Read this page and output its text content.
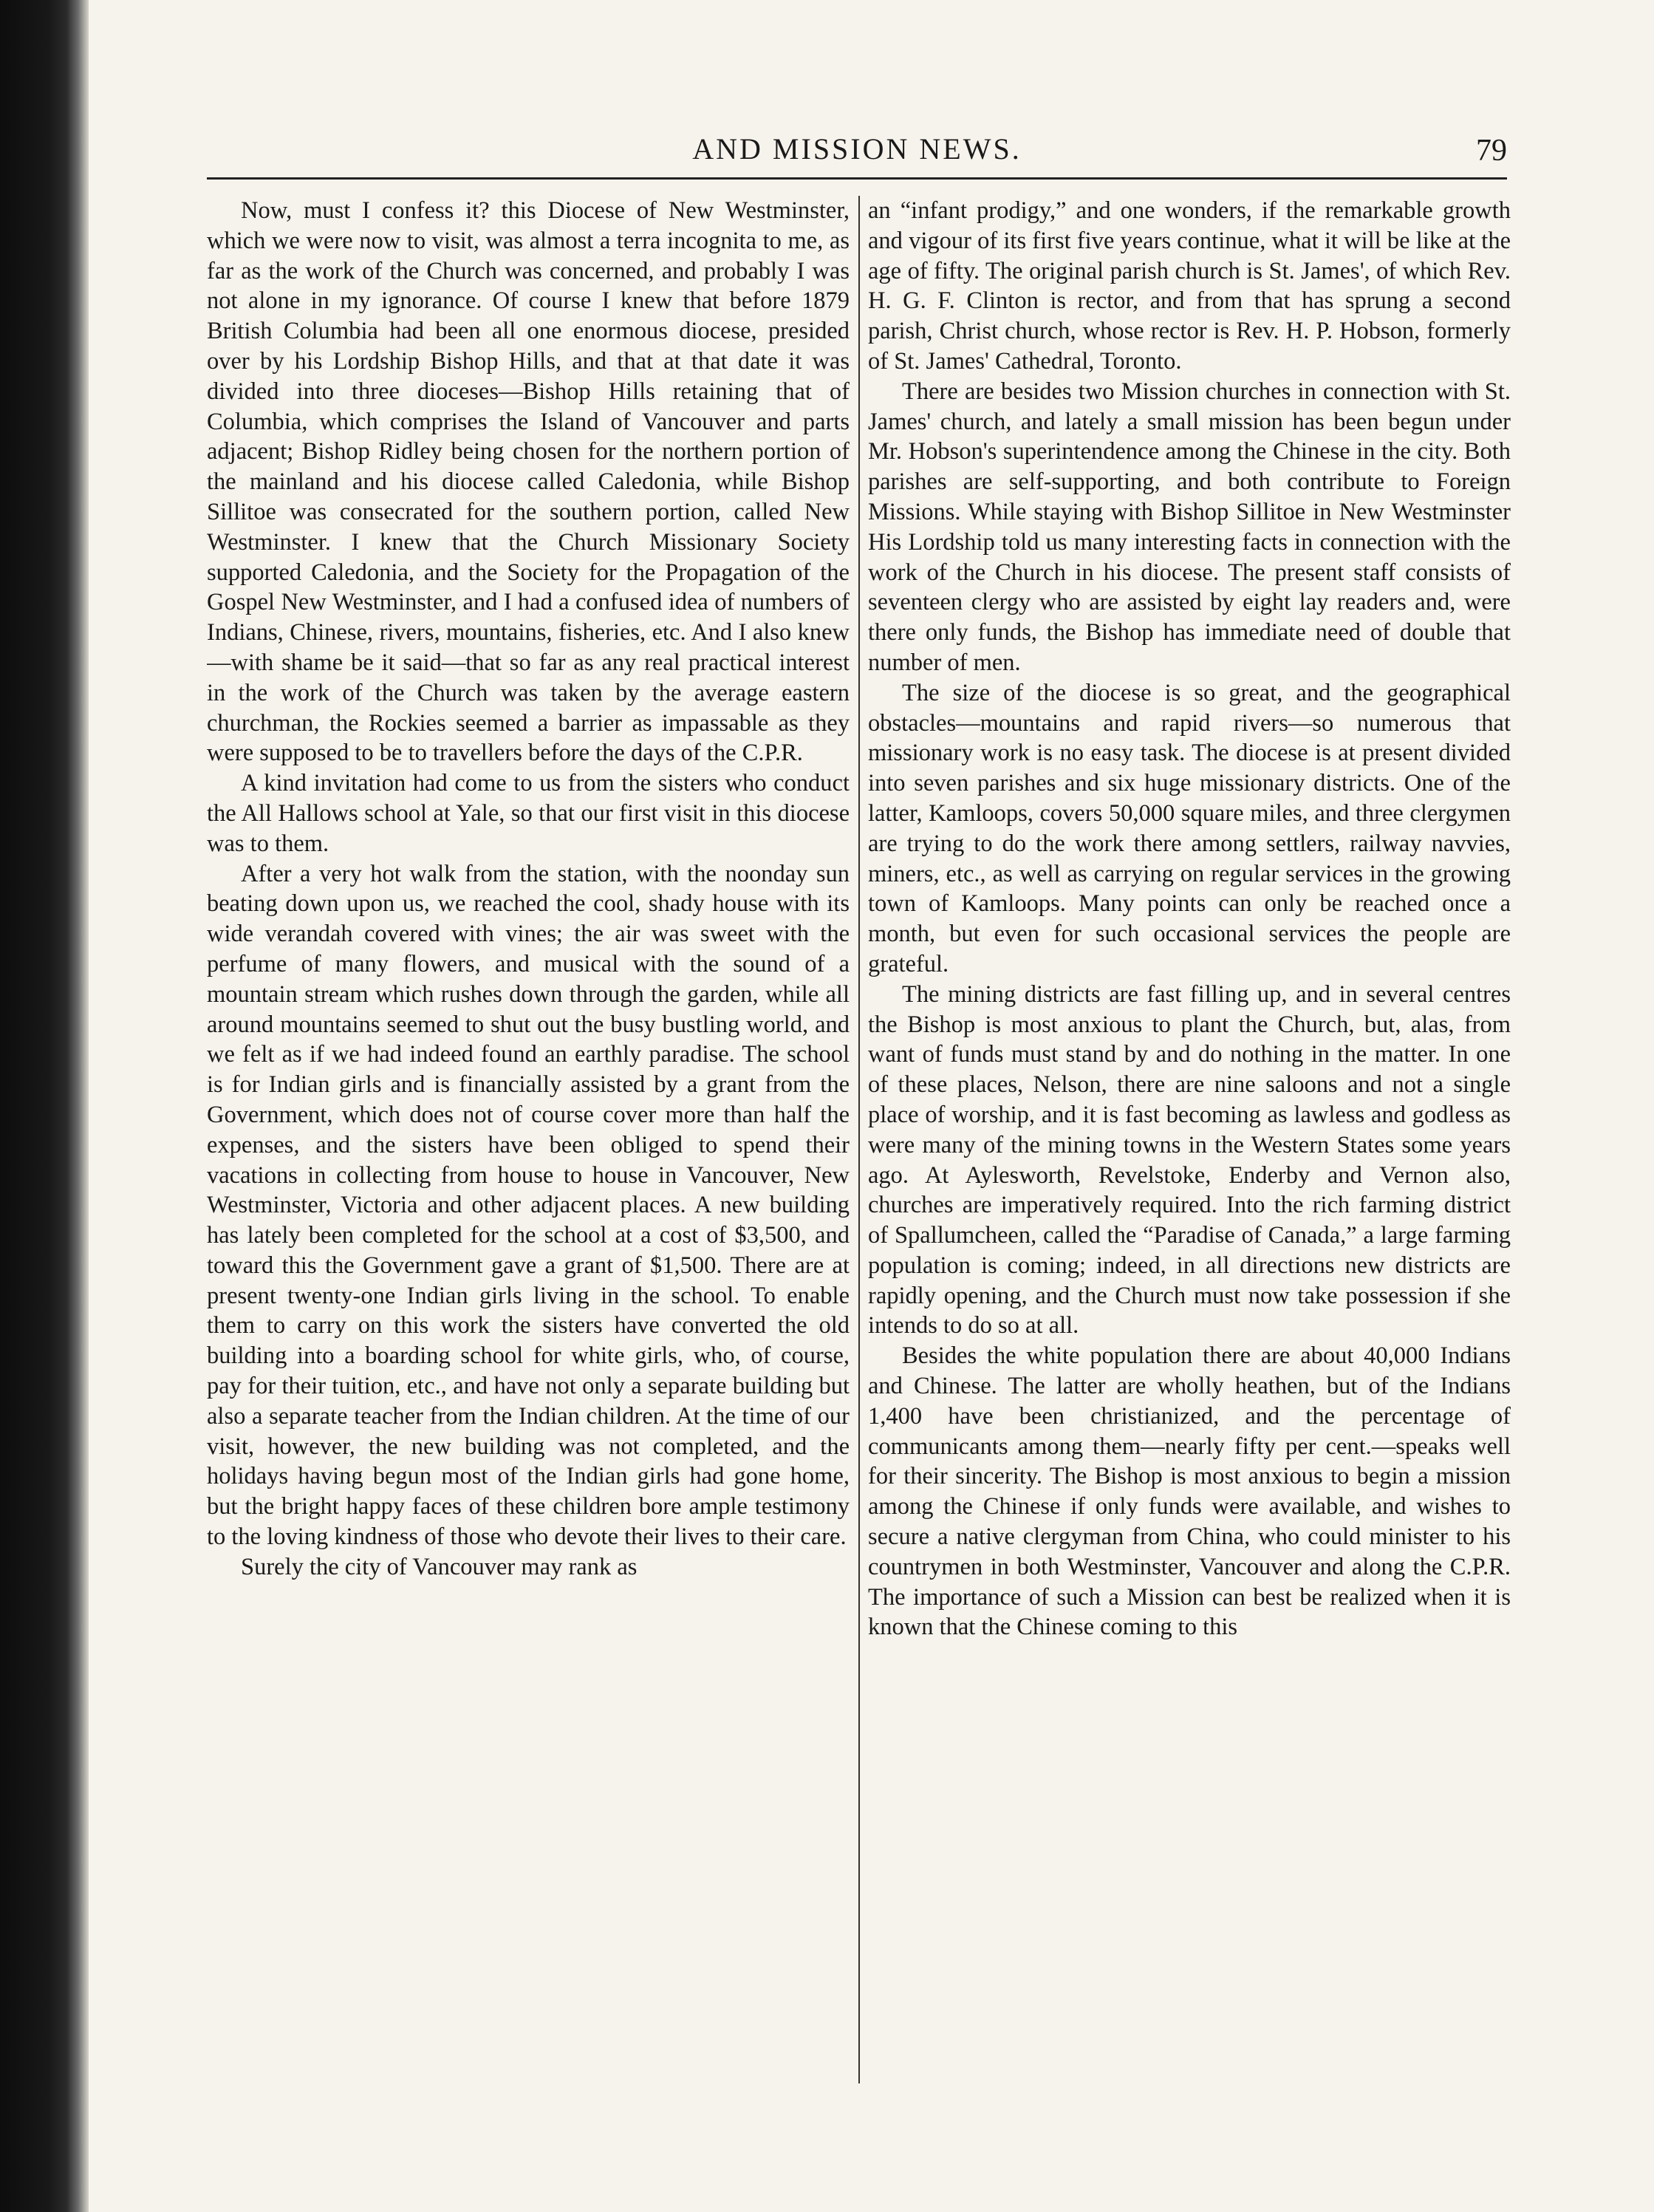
AND MISSION NEWS.	79

Now, must I confess it? this Diocese of New Westminster, which we were now to visit, was almost a terra incognita to me, as far as the work of the Church was concerned, and probably I was not alone in my ignorance. Of course I knew that before 1879 British Columbia had been all one enormous diocese, presided over by his Lordship Bishop Hills, and that at that date it was divided into three dioceses—Bishop Hills retaining that of Columbia, which comprises the Island of Vancouver and parts adjacent; Bishop Ridley being chosen for the northern portion of the mainland and his diocese called Caledonia, while Bishop Sillitoe was consecrated for the southern portion, called New Westminster. I knew that the Church Missionary Society supported Caledonia, and the Society for the Propagation of the Gospel New Westminster, and I had a confused idea of numbers of Indians, Chinese, rivers, mountains, fisheries, etc. And I also knew—with shame be it said—that so far as any real practical interest in the work of the Church was taken by the average eastern churchman, the Rockies seemed a barrier as impassable as they were supposed to be to travellers before the days of the C.P.R.

A kind invitation had come to us from the sisters who conduct the All Hallows school at Yale, so that our first visit in this diocese was to them.

After a very hot walk from the station, with the noonday sun beating down upon us, we reached the cool, shady house with its wide verandah covered with vines; the air was sweet with the perfume of many flowers, and musical with the sound of a mountain stream which rushes down through the garden, while all around mountains seemed to shut out the busy bustling world, and we felt as if we had indeed found an earthly paradise. The school is for Indian girls and is financially assisted by a grant from the Government, which does not of course cover more than half the expenses, and the sisters have been obliged to spend their vacations in collecting from house to house in Vancouver, New Westminster, Victoria and other adjacent places. A new building has lately been completed for the school at a cost of $3,500, and toward this the Government gave a grant of $1,500. There are at present twenty-one Indian girls living in the school. To enable them to carry on this work the sisters have converted the old building into a boarding school for white girls, who, of course, pay for their tuition, etc., and have not only a separate building but also a separate teacher from the Indian children. At the time of our visit, however, the new building was not completed, and the holidays having begun most of the Indian girls had gone home, but the bright happy faces of these children bore ample testimony to the loving kindness of those who devote their lives to their care.

Surely the city of Vancouver may rank as

an “infant prodigy,” and one wonders, if the remarkable growth and vigour of its first five years continue, what it will be like at the age of fifty. The original parish church is St. James', of which Rev. H. G. F. Clinton is rector, and from that has sprung a second parish, Christ church, whose rector is Rev. H. P. Hobson, formerly of St. James' Cathedral, Toronto.

There are besides two Mission churches in connection with St. James' church, and lately a small mission has been begun under Mr. Hobson's superintendence among the Chinese in the city. Both parishes are self-supporting, and both contribute to Foreign Missions. While staying with Bishop Sillitoe in New Westminster His Lordship told us many interesting facts in connection with the work of the Church in his diocese. The present staff consists of seventeen clergy who are assisted by eight lay readers and, were there only funds, the Bishop has immediate need of double that number of men.

The size of the diocese is so great, and the geographical obstacles—mountains and rapid rivers—so numerous that missionary work is no easy task. The diocese is at present divided into seven parishes and six huge missionary districts. One of the latter, Kamloops, covers 50,000 square miles, and three clergymen are trying to do the work there among settlers, railway navvies, miners, etc., as well as carrying on regular services in the growing town of Kamloops. Many points can only be reached once a month, but even for such occasional services the people are grateful.

The mining districts are fast filling up, and in several centres the Bishop is most anxious to plant the Church, but, alas, from want of funds must stand by and do nothing in the matter. In one of these places, Nelson, there are nine saloons and not a single place of worship, and it is fast becoming as lawless and godless as were many of the mining towns in the Western States some years ago. At Aylesworth, Revelstoke, Enderby and Vernon also, churches are imperatively required. Into the rich farming district of Spallumcheen, called the “Paradise of Canada,” a large farming population is coming; indeed, in all directions new districts are rapidly opening, and the Church must now take possession if she intends to do so at all.

Besides the white population there are about 40,000 Indians and Chinese. The latter are wholly heathen, but of the Indians 1,400 have been christianized, and the percentage of communicants among them—nearly fifty per cent.—speaks well for their sincerity. The Bishop is most anxious to begin a mission among the Chinese if only funds were available, and wishes to secure a native clergyman from China, who could minister to his countrymen in both Westminster, Vancouver and along the C.P.R. The importance of such a Mission can best be realized when it is known that the Chinese coming to this
